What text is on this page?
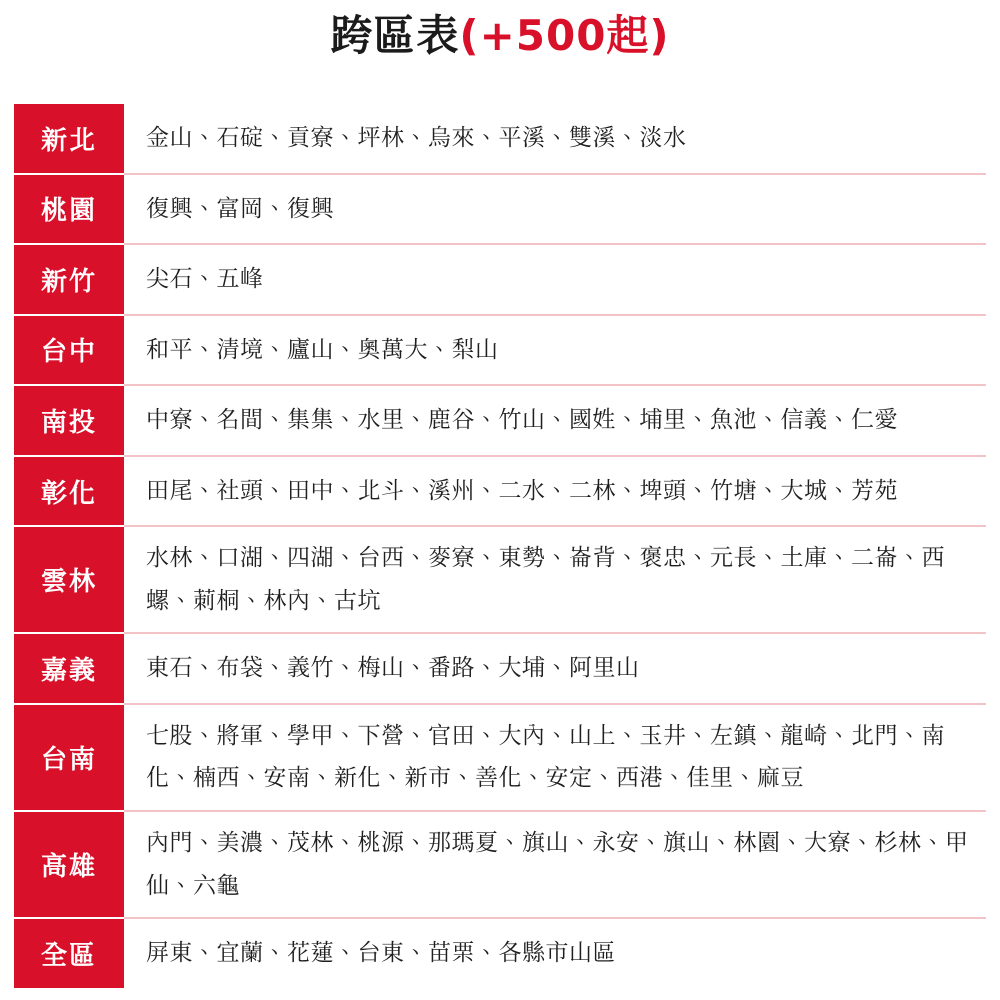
跨區表(+500起)
新北	金山、石碇、貢寮、坪林、烏來、平溪、雙溪、淡水
桃園	復興、富岡、復興
新竹	尖石、五峰
台中	和平、清境、廬山、奧萬大、梨山
南投	中寮、名間、集集、水里、鹿谷、竹山、國姓、埔里、魚池、信義、仁愛
彰化	田尾、社頭、田中、北斗、溪州、二水、二林、埤頭、竹塘、大城、芳苑
雲林	水林、口湖、四湖、台西、麥寮、東勢、崙背、褒忠、元長、土庫、二崙、西螺、莿桐、林內、古坑
嘉義	東石、布袋、義竹、梅山、番路、大埔、阿里山
台南	七股、將軍、學甲、下營、官田、大內、山上、玉井、左鎮、龍崎、北門、南化、楠西、安南、新化、新市、善化、安定、西港、佳里、麻豆
高雄	內門、美濃、茂林、桃源、那瑪夏、旗山、永安、旗山、林園、大寮、杉林、甲仙、六龜
全區	屏東、宜蘭、花蓮、台東、苗栗、各縣市山區
